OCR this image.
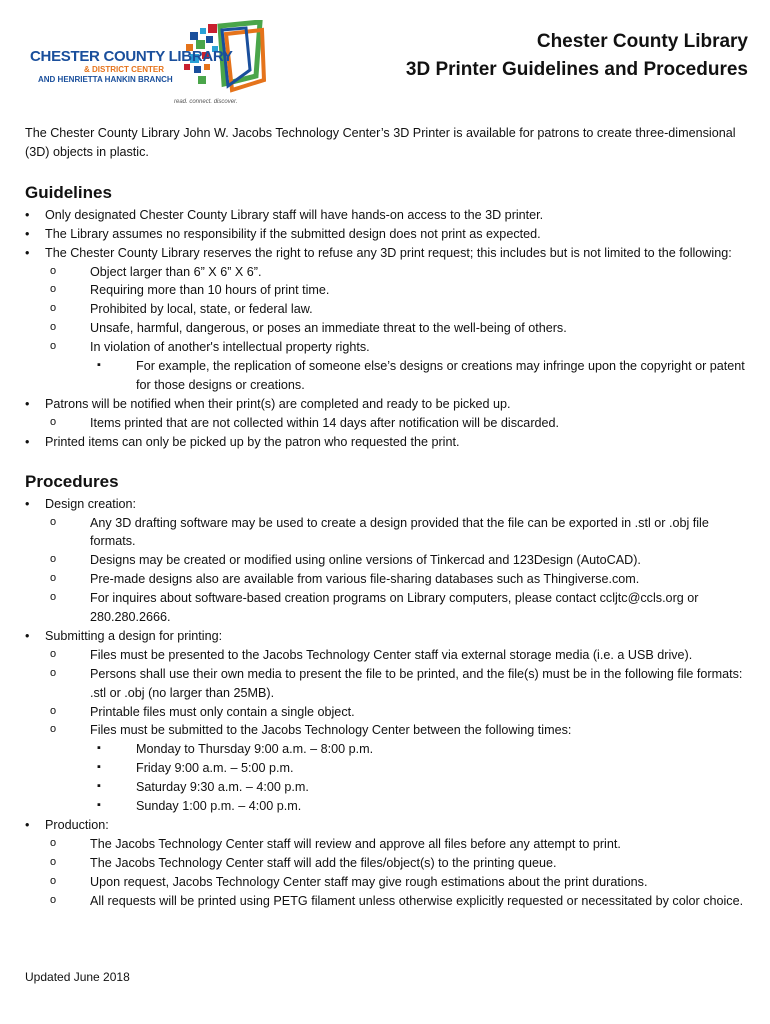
CHESTER COUNTY LIBRARY
& DISTRICT CENTER
AND HENRIETTA HANKIN BRANCH
read. connect. discover.
Chester County Library
3D Printer Guidelines and Procedures

The Chester County Library John W. Jacobs Technology Center’s 3D Printer is available for patrons to create three-dimensional (3D) objects in plastic.

Guidelines
• Only designated Chester County Library staff will have hands-on access to the 3D printer.
• The Library assumes no responsibility if the submitted design does not print as expected.
• The Chester County Library reserves the right to refuse any 3D print request; this includes but is not limited to the following:
o Object larger than 6” X 6” X 6”.
o Requiring more than 10 hours of print time.
o Prohibited by local, state, or federal law.
o Unsafe, harmful, dangerous, or poses an immediate threat to the well-being of others.
o In violation of another's intellectual property rights.
▪ For example, the replication of someone else’s designs or creations may infringe upon the copyright or patent for those designs or creations.
• Patrons will be notified when their print(s) are completed and ready to be picked up.
o Items printed that are not collected within 14 days after notification will be discarded.
• Printed items can only be picked up by the patron who requested the print.
Procedures
• Design creation:
o Any 3D drafting software may be used to create a design provided that the file can be exported in .stl or .obj file formats.
o Designs may be created or modified using online versions of Tinkercad and 123Design (AutoCAD).
o Pre-made designs also are available from various file-sharing databases such as Thingiverse.com.
o For inquires about software-based creation programs on Library computers, please contact ccljtc@ccls.org or 280.280.2666.
• Submitting a design for printing:
o Files must be presented to the Jacobs Technology Center staff via external storage media (i.e. a USB drive).
o Persons shall use their own media to present the file to be printed, and the file(s) must be in the following file formats: .stl or .obj (no larger than 25MB).
o Printable files must only contain a single object.
o Files must be submitted to the Jacobs Technology Center between the following times:
▪ Monday to Thursday 9:00 a.m. – 8:00 p.m.
▪ Friday 9:00 a.m. – 5:00 p.m.
▪ Saturday 9:30 a.m. – 4:00 p.m.
▪ Sunday 1:00 p.m. – 4:00 p.m.
• Production:
o The Jacobs Technology Center staff will review and approve all files before any attempt to print.
o The Jacobs Technology Center staff will add the files/object(s) to the printing queue.
o Upon request, Jacobs Technology Center staff may give rough estimations about the print durations.
o All requests will be printed using PETG filament unless otherwise explicitly requested or necessitated by color choice.
Updated June 2018
